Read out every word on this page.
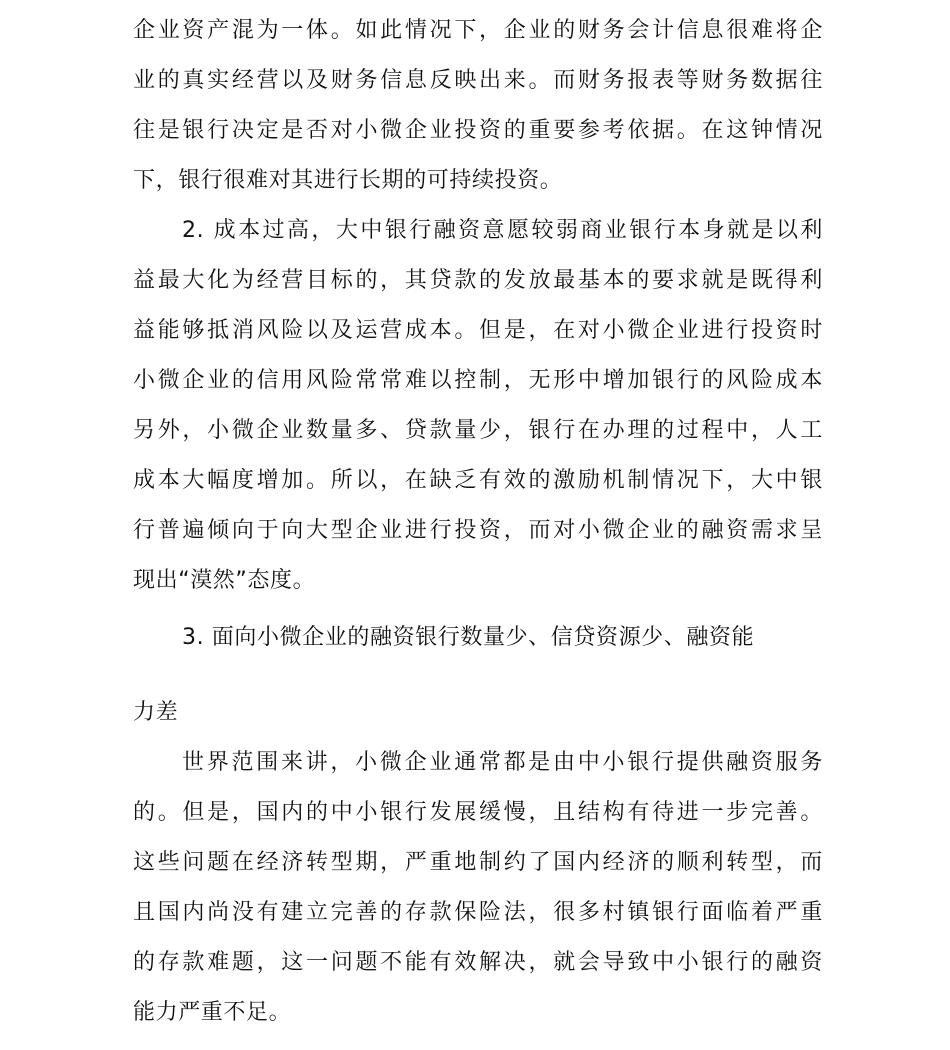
企业资产混为一体。如此情况下，企业的财务会计信息很难将企
业的真实经营以及财务信息反映出来。而财务报表等财务数据往
往是银行决定是否对小微企业投资的重要参考依据。在这钟情况
下，银行很难对其进行长期的可持续投资。
2. 成本过高，大中银行融资意愿较弱商业银行本身就是以利
益最大化为经营目标的，其贷款的发放最基本的要求就是既得利
益能够抵消风险以及运营成本。但是，在对小微企业进行投资时
小微企业的信用风险常常难以控制，无形中增加银行的风险成本
另外，小微企业数量多、贷款量少，银行在办理的过程中，人工
成本大幅度增加。所以，在缺乏有效的激励机制情况下，大中银
行普遍倾向于向大型企业进行投资，而对小微企业的融资需求呈
现出“漠然”态度。
3. 面向小微企业的融资银行数量少、信贷资源少、融资能
力差
世界范围来讲，小微企业通常都是由中小银行提供融资服务
的。但是，国内的中小银行发展缓慢，且结构有待进一步完善。
这些问题在经济转型期，严重地制约了国内经济的顺利转型，而
且国内尚没有建立完善的存款保险法，很多村镇银行面临着严重
的存款难题，这一问题不能有效解决，就会导致中小银行的融资
能力严重不足。
